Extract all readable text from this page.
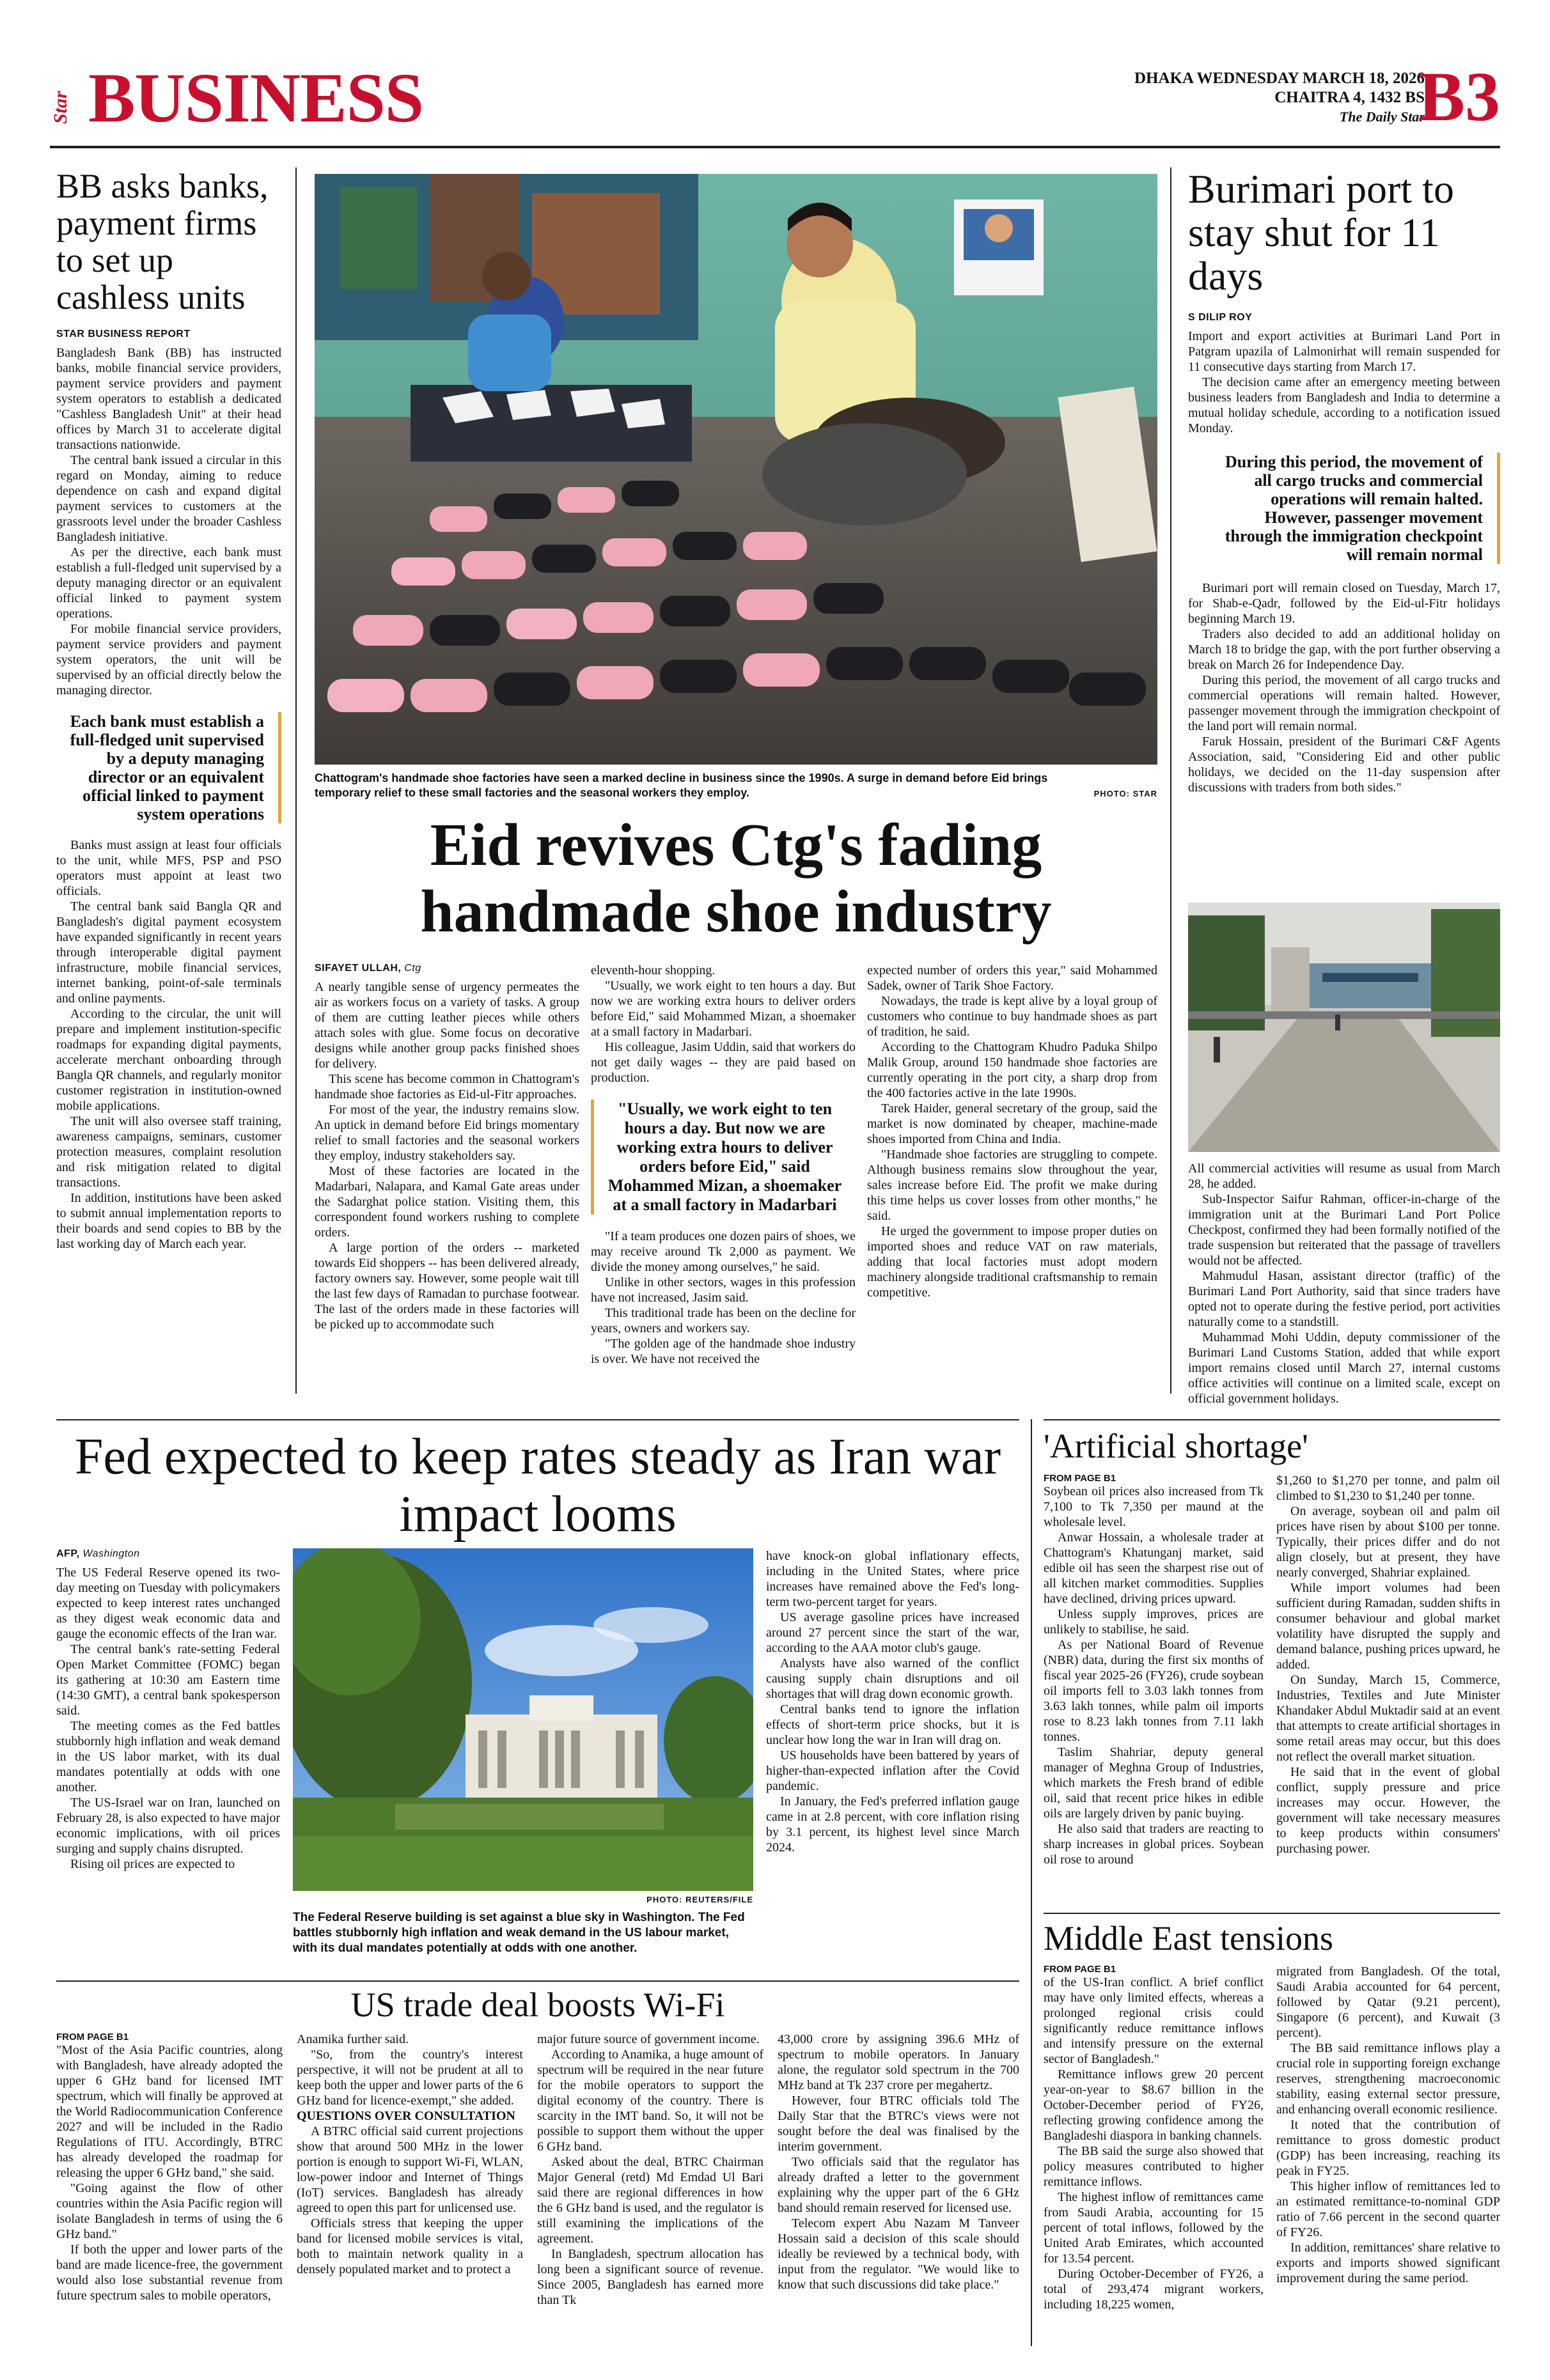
Star BUSINESS	DHAKA WEDNESDAY MARCH 18, 2026
CHAITRA 4, 1432 BS
The Daily Star
B3
BB asks banks, payment firms to set up cashless units
STAR BUSINESS REPORT

Bangladesh Bank (BB) has instructed banks, mobile financial service providers, payment service providers and payment system operators to establish a dedicated "Cashless Bangladesh Unit" at their head offices by March 31 to accelerate digital transactions nationwide.

The central bank issued a circular in this regard on Monday, aiming to reduce dependence on cash and expand digital payment services to customers at the grassroots level under the broader Cashless Bangladesh initiative.

As per the directive, each bank must establish a full-fledged unit supervised by a deputy managing director or an equivalent official linked to payment system operations.

For mobile financial service providers, payment service providers and payment system operators, the unit will be supervised by an official directly below the managing director.

Each bank must establish a full-fledged unit supervised by a deputy managing director or an equivalent official linked to payment system operations

Banks must assign at least four officials to the unit, while MFS, PSP and PSO operators must appoint at least two officials.

The central bank said Bangla QR and Bangladesh's digital payment ecosystem have expanded significantly in recent years through interoperable digital payment infrastructure, mobile financial services, internet banking, point-of-sale terminals and online payments.

According to the circular, the unit will prepare and implement institution-specific roadmaps for expanding digital payments, accelerate merchant onboarding through Bangla QR channels, and regularly monitor customer registration in institution-owned mobile applications.

The unit will also oversee staff training, awareness campaigns, seminars, customer protection measures, complaint resolution and risk mitigation related to digital transactions.

In addition, institutions have been asked to submit annual implementation reports to their boards and send copies to BB by the last working day of March each year.

Chattogram's handmade shoe factories have seen a marked decline in business since the 1990s. A surge in demand before Eid brings temporary relief to these small factories and the seasonal workers they employ.	PHOTO: STAR
Eid revives Ctg's fading handmade shoe industry
SIFAYET ULLAH, Ctg

A nearly tangible sense of urgency permeates the air as workers focus on a variety of tasks. A group of them are cutting leather pieces while others attach soles with glue. Some focus on decorative designs while another group packs finished shoes for delivery.

This scene has become common in Chattogram's handmade shoe factories as Eid-ul-Fitr approaches.

For most of the year, the industry remains slow. An uptick in demand before Eid brings momentary relief to small factories and the seasonal workers they employ, industry stakeholders say.

Most of these factories are located in the Madarbari, Nalapara, and Kamal Gate areas under the Sadarghat police station. Visiting them, this correspondent found workers rushing to complete orders.

A large portion of the orders -- marketed towards Eid shoppers -- has been delivered already, factory owners say. However, some people wait till the last few days of Ramadan to purchase footwear. The last of the orders made in these factories will be picked up to accommodate such

eleventh-hour shopping.

"Usually, we work eight to ten hours a day. But now we are working extra hours to deliver orders before Eid," said Mohammed Mizan, a shoemaker at a small factory in Madarbari.

His colleague, Jasim Uddin, said that workers do not get daily wages -- they are paid based on production.

"Usually, we work eight to ten hours a day. But now we are working extra hours to deliver orders before Eid," said Mohammed Mizan, a shoemaker at a small factory in Madarbari

"If a team produces one dozen pairs of shoes, we may receive around Tk 2,000 as payment. We divide the money among ourselves," he said.

Unlike in other sectors, wages in this profession have not increased, Jasim said.

This traditional trade has been on the decline for years, owners and workers say.

"The golden age of the handmade shoe industry is over. We have not received the

expected number of orders this year," said Mohammed Sadek, owner of Tarik Shoe Factory.

Nowadays, the trade is kept alive by a loyal group of customers who continue to buy handmade shoes as part of tradition, he said.

According to the Chattogram Khudro Paduka Shilpo Malik Group, around 150 handmade shoe factories are currently operating in the port city, a sharp drop from the 400 factories active in the late 1990s.

Tarek Haider, general secretary of the group, said the market is now dominated by cheaper, machine-made shoes imported from China and India.

"Handmade shoe factories are struggling to compete. Although business remains slow throughout the year, sales increase before Eid. The profit we make during this time helps us cover losses from other months," he said.

He urged the government to impose proper duties on imported shoes and reduce VAT on raw materials, adding that local factories must adopt modern machinery alongside traditional craftsmanship to remain competitive.

Burimari port to stay shut for 11 days
S DILIP ROY

Import and export activities at Burimari Land Port in Patgram upazila of Lalmonirhat will remain suspended for 11 consecutive days starting from March 17.

The decision came after an emergency meeting between business leaders from Bangladesh and India to determine a mutual holiday schedule, according to a notification issued Monday.

During this period, the movement of all cargo trucks and commercial operations will remain halted. However, passenger movement through the immigration checkpoint will remain normal

Burimari port will remain closed on Tuesday, March 17, for Shab-e-Qadr, followed by the Eid-ul-Fitr holidays beginning March 19.

Traders also decided to add an additional holiday on March 18 to bridge the gap, with the port further observing a break on March 26 for Independence Day.

During this period, the movement of all cargo trucks and commercial operations will remain halted. However, passenger movement through the immigration checkpoint of the land port will remain normal.

Faruk Hossain, president of the Burimari C&F Agents Association, said, "Considering Eid and other public holidays, we decided on the 11-day suspension after discussions with traders from both sides."

All commercial activities will resume as usual from March 28, he added.

Sub-Inspector Saifur Rahman, officer-in-charge of the immigration unit at the Burimari Land Port Police Checkpost, confirmed they had been formally notified of the trade suspension but reiterated that the passage of travellers would not be affected.

Mahmudul Hasan, assistant director (traffic) of the Burimari Land Port Authority, said that since traders have opted not to operate during the festive period, port activities naturally come to a standstill.

Muhammad Mohi Uddin, deputy commissioner of the Burimari Land Customs Station, added that while export import remains closed until March 27, internal customs office activities will continue on a limited scale, except on official government holidays.

Fed expected to keep rates steady as Iran war impact looms
AFP, Washington

The US Federal Reserve opened its two-day meeting on Tuesday with policymakers expected to keep interest rates unchanged as they digest weak economic data and gauge the economic effects of the Iran war.

The central bank's rate-setting Federal Open Market Committee (FOMC) began its gathering at 10:30 am Eastern time (14:30 GMT), a central bank spokesperson said.

The meeting comes as the Fed battles stubbornly high inflation and weak demand in the US labor market, with its dual mandates potentially at odds with one another.

The US-Israel war on Iran, launched on February 28, is also expected to have major economic implications, with oil prices surging and supply chains disrupted.

Rising oil prices are expected to

PHOTO: REUTERS/FILE
The Federal Reserve building is set against a blue sky in Washington. The Fed battles stubbornly high inflation and weak demand in the US labour market, with its dual mandates potentially at odds with one another.

have knock-on global inflationary effects, including in the United States, where price increases have remained above the Fed's long-term two-percent target for years.

US average gasoline prices have increased around 27 percent since the start of the war, according to the AAA motor club's gauge.

Analysts have also warned of the conflict causing supply chain disruptions and oil shortages that will drag down economic growth.

Central banks tend to ignore the inflation effects of short-term price shocks, but it is unclear how long the war in Iran will drag on.

US households have been battered by years of higher-than-expected inflation after the Covid pandemic.

In January, the Fed's preferred inflation gauge came in at 2.8 percent, with core inflation rising by 3.1 percent, its highest level since March 2024.

US trade deal boosts Wi-Fi
FROM PAGE B1

"Most of the Asia Pacific countries, along with Bangladesh, have already adopted the upper 6 GHz band for licensed IMT spectrum, which will finally be approved at the World Radiocommunication Conference 2027 and will be included in the Radio Regulations of ITU. Accordingly, BTRC has already developed the roadmap for releasing the upper 6 GHz band," she said.

"Going against the flow of other countries within the Asia Pacific region will isolate Bangladesh in terms of using the 6 GHz band."

If both the upper and lower parts of the band are made licence-free, the government would also lose substantial revenue from future spectrum sales to mobile operators,

Anamika further said.

"So, from the country's interest perspective, it will not be prudent at all to keep both the upper and lower parts of the 6 GHz band for licence-exempt," she added.

QUESTIONS OVER CONSULTATION

A BTRC official said current projections show that around 500 MHz in the lower portion is enough to support Wi-Fi, WLAN, low-power indoor and Internet of Things (IoT) services. Bangladesh has already agreed to open this part for unlicensed use.

Officials stress that keeping the upper band for licensed mobile services is vital, both to maintain network quality in a densely populated market and to protect a

major future source of government income.

According to Anamika, a huge amount of spectrum will be required in the near future for the mobile operators to support the digital economy of the country. There is scarcity in the IMT band. So, it will not be possible to support them without the upper 6 GHz band.

Asked about the deal, BTRC Chairman Major General (retd) Md Emdad Ul Bari said there are regional differences in how the 6 GHz band is used, and the regulator is still examining the implications of the agreement.

In Bangladesh, spectrum allocation has long been a significant source of revenue. Since 2005, Bangladesh has earned more than Tk

43,000 crore by assigning 396.6 MHz of spectrum to mobile operators. In January alone, the regulator sold spectrum in the 700 MHz band at Tk 237 crore per megahertz.

However, four BTRC officials told The Daily Star that the BTRC's views were not sought before the deal was finalised by the interim government.

Two officials said that the regulator has already drafted a letter to the government explaining why the upper part of the 6 GHz band should remain reserved for licensed use.

Telecom expert Abu Nazam M Tanveer Hossain said a decision of this scale should ideally be reviewed by a technical body, with input from the regulator. "We would like to know that such discussions did take place."

'Artificial shortage'
FROM PAGE B1

Soybean oil prices also increased from Tk 7,100 to Tk 7,350 per maund at the wholesale level.

Anwar Hossain, a wholesale trader at Chattogram's Khatunganj market, said edible oil has seen the sharpest rise out of all kitchen market commodities. Supplies have declined, driving prices upward.

Unless supply improves, prices are unlikely to stabilise, he said.

As per National Board of Revenue (NBR) data, during the first six months of fiscal year 2025-26 (FY26), crude soybean oil imports fell to 3.03 lakh tonnes from 3.63 lakh tonnes, while palm oil imports rose to 8.23 lakh tonnes from 7.11 lakh tonnes.

Taslim Shahriar, deputy general manager of Meghna Group of Industries, which markets the Fresh brand of edible oil, said that recent price hikes in edible oils are largely driven by panic buying.

He also said that traders are reacting to sharp increases in global prices. Soybean oil rose to around

$1,260 to $1,270 per tonne, and palm oil climbed to $1,230 to $1,240 per tonne.

On average, soybean oil and palm oil prices have risen by about $100 per tonne. Typically, their prices differ and do not align closely, but at present, they have nearly converged, Shahriar explained.

While import volumes had been sufficient during Ramadan, sudden shifts in consumer behaviour and global market volatility have disrupted the supply and demand balance, pushing prices upward, he added.

On Sunday, March 15, Commerce, Industries, Textiles and Jute Minister Khandaker Abdul Muktadir said at an event that attempts to create artificial shortages in some retail areas may occur, but this does not reflect the overall market situation.

He said that in the event of global conflict, supply pressure and price increases may occur. However, the government will take necessary measures to keep products within consumers' purchasing power.

Middle East tensions
FROM PAGE B1

of the US-Iran conflict. A brief conflict may have only limited effects, whereas a prolonged regional crisis could significantly reduce remittance inflows and intensify pressure on the external sector of Bangladesh."

Remittance inflows grew 20 percent year-on-year to $8.67 billion in the October-December period of FY26, reflecting growing confidence among the Bangladeshi diaspora in banking channels.

The BB said the surge also showed that policy measures contributed to higher remittance inflows.

The highest inflow of remittances came from Saudi Arabia, accounting for 15 percent of total inflows, followed by the United Arab Emirates, which accounted for 13.54 percent.

During October-December of FY26, a total of 293,474 migrant workers, including 18,225 women,

migrated from Bangladesh. Of the total, Saudi Arabia accounted for 64 percent, followed by Qatar (9.21 percent), Singapore (6 percent), and Kuwait (3 percent).

The BB said remittance inflows play a crucial role in supporting foreign exchange reserves, strengthening macroeconomic stability, easing external sector pressure, and enhancing overall economic resilience.

It noted that the contribution of remittance to gross domestic product (GDP) has been increasing, reaching its peak in FY25.

This higher inflow of remittances led to an estimated remittance-to-nominal GDP ratio of 7.66 percent in the second quarter of FY26.

In addition, remittances' share relative to exports and imports showed significant improvement during the same period.
